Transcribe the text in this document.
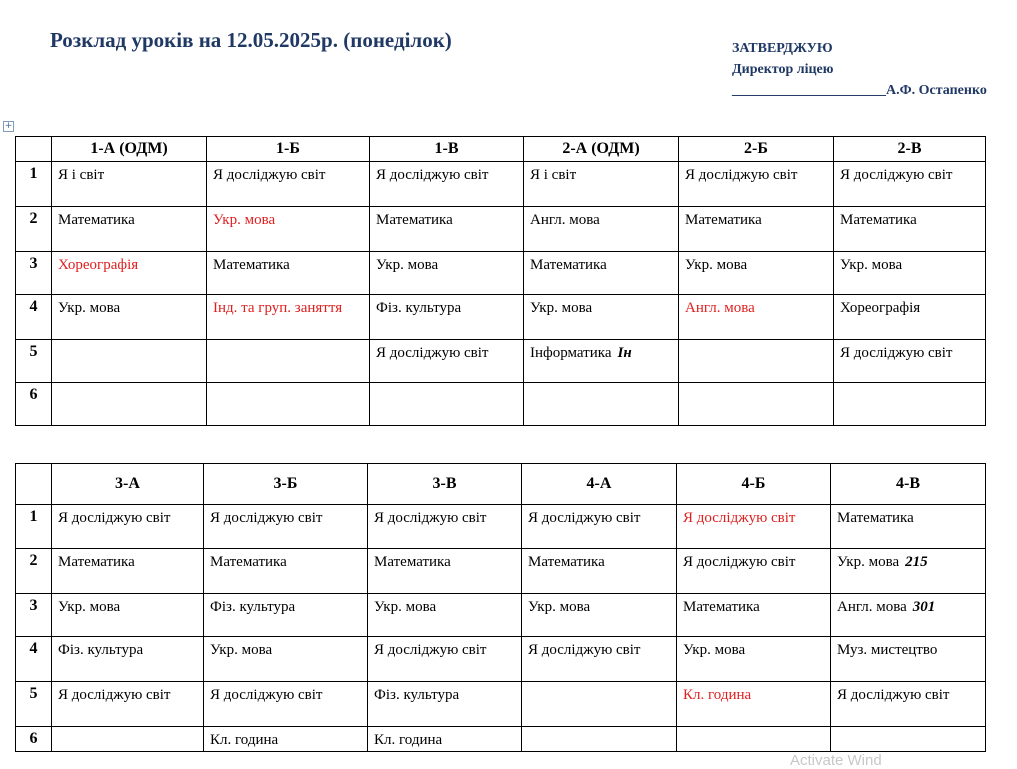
Розклад уроків на 12.05.2025р. (понеділок)	ЗАТВЕРДЖУЮ
Директор ліцею
______________________А.Ф. Остапенко
+
	1-А (ОДМ)	1-Б	1-В	2-А (ОДМ)	2-Б	2-В
1	Я і світ	Я досліджую світ	Я досліджую світ	Я і світ	Я досліджую світ	Я досліджую світ
2	Математика	Укр. мова	Математика	Англ. мова	Математика	Математика
3	Хореографія	Математика	Укр. мова	Математика	Укр. мова	Укр. мова
4	Укр. мова	Інд. та груп. заняття	Фіз. культура	Укр. мова	Англ. мова	Хореографія
5			Я досліджую світ	Інформатика Ін		Я досліджую світ
6						
	3-А	3-Б	3-В	4-А	4-Б	4-В
1	Я досліджую світ	Я досліджую світ	Я досліджую світ	Я досліджую світ	Я досліджую світ	Математика
2	Математика	Математика	Математика	Математика	Я досліджую світ	Укр. мова 215
3	Укр. мова	Фіз. культура	Укр. мова	Укр. мова	Математика	Англ. мова 301
4	Фіз. культура	Укр. мова	Я досліджую світ	Я досліджую світ	Укр. мова	Муз. мистецтво
5	Я досліджую світ	Я досліджую світ	Фіз. культура		Кл. година	Я досліджую світ
6		Кл. година	Кл. година			
Activate Wind
